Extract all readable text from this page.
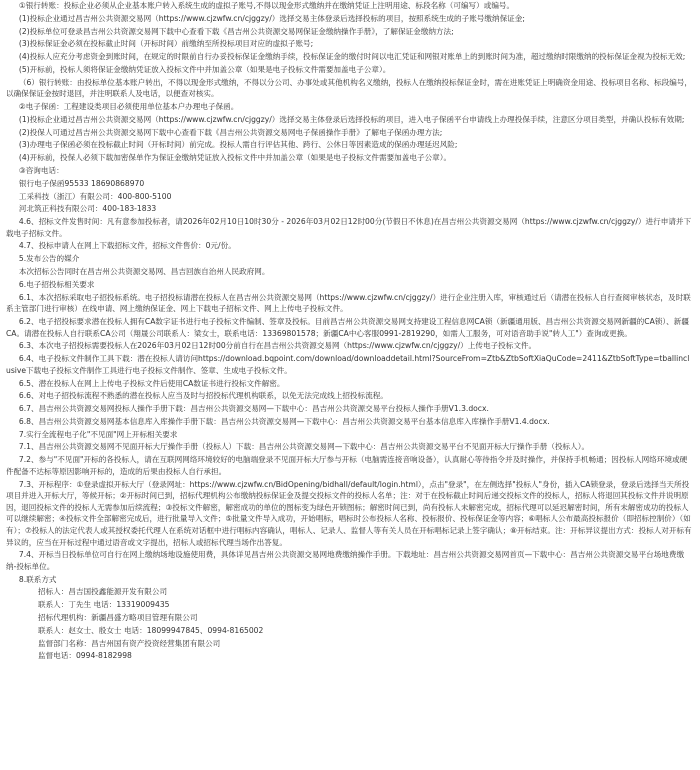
①银行转账：投标企业必须从企业基本账户转入系统生成的虚拟子账号,不得以现金形式缴纳并在缴纳凭证上注明用途、标段名称（可编写）或编号。

(1)投标企业通过昌吉州公共资源交易网（https://www.cjzwfw.cn/cjggzy/）选择交易主体登录后选择投标的项目，按照系统生成的子账号缴纳保证金;

(2)投标单位可登录昌吉州公共资源交易网下载中心查看下载《昌吉州公共资源交易网保证金缴纳操作手册》，了解保证金缴纳方法;

(3)投标保证金必须在投标截止时间（开标时间）前缴纳至所投标项目对应的虚拟子账号;

(4)投标人应充分考虑资金到账时间，在规定的时限前自行办妥投标保证金缴纳手续，投标保证金的缴付时间以电汇凭证和网银对账单上的到账时间为准，超过缴纳时限缴纳的投标保证金视为投标无效;

(5)开标前，投标人须将保证金缴纳凭证放入投标文件中并加盖公章（如果是电子投标文件需要加盖电子公章）。

（6）银行转账：由投标单位基本账户转出，不得以现金形式缴纳，不得以分公司、办事处或其他机构名义缴纳，投标人在缴纳投标保证金时，需在进账凭证上明确资金用途、投标项目名称、标段编号，以确保保证金按时退回，并注明联系人及电话，以便查对核实。

②电子保函：工程建设类项目必须使用单位基本户办理电子保函。

(1)投标企业通过昌吉州公共资源交易网（https://www.cjzwfw.cn/cjggzy/）选择交易主体登录后选择投标的项目，进入电子保函平台申请线上办理投保手续，注意区分项目类型，并确认投标有效期;

(2)投保人可通过昌吉州公共资源交易网下载中心查看下载《昌吉州公共资源交易网电子保函操作手册》了解电子保函办理方法;

(3)办理电子保函必须在投标截止时间（开标时间）前完成。投标人需自行评估其他、跨行、公休日等因素造成的保函办理延迟风险;

(4)开标前，投保人必须下载加密保单作为保证金缴纳凭证放入投标文件中并加盖公章（如果是电子投标文件需要加盖电子公章）。

③咨询电话：

银行电子保函95533 18690868970

工采科技（浙江）有限公司：400-800-5100

河北筑正科技有限公司：400-183-1833

4.6、招标文件发售时间：凡有意参加投标者，请2026年02月10日10时30分 - 2026年03月02日12时00分(节假日不休息)在昌吉州公共资源交易网（https://www.cjzwfw.cn/cjggzy/）进行申请并下载电子招标文件。

4.7、投标申请人在网上下载招标文件，招标文件售价：0元/份。

5.发布公告的媒介

本次招标公告同时在昌吉州公共资源交易网、昌吉回族自治州人民政府网。

6.电子招投标相关要求

6.1、本次招标采取电子招投标系统。电子招投标请潜在投标人在昌吉州公共资源交易网（https://www.cjzwfw.cn/cjggzy/）进行企业注册入库，审核通过后（请潜在投标人自行查阅审核状态，及时联系主管部门进行审核）在线申请、网上缴纳保证金、网上下载电子招标文件、网上上传电子投标文件。

6.2、电子招投标要求潜在投标人拥有CA数字证书进行电子投标文件编制、签章及投标。目前昌吉州公共资源交易网支持建设工程信息网CA锁（新疆通用版、昌吉州公共资源交易网新疆的CA锁）、新疆CA。请潜在投标人自行联系CA公司（翔晟公司联系人：梁女士，联系电话：13369801578；新疆CA中心客服0991-2819290，如需人工服务，可对语音助手说"转人工"）查询或更换。

6.3、本次电子招投标需要投标人在2026年03月02日12时00分前自行在昌吉州公共资源交易网（https://www.cjzwfw.cn/cjggzy/）上传电子投标文件。

6.4、电子投标文件制作工具下载：潜在投标人请访问https://download.bqpoint.com/download/downloaddetail.html?SourceFrom=Ztb&ZtbSoftXiaQuCode=2411&ZtbSoftType=tballinclusive下载电子投标文件制作工具进行电子投标文件制作、签章、生成电子投标文件。

6.5、潜在投标人在网上上传电子投标文件后使用CA数证书进行投标文件解密。

6.6、对电子招投标流程不熟悉的潜在投标人应当及时与招投标代理机构联系，以免无法完成线上招投标流程。

6.7、昌吉州公共资源交易网投标人操作手册下载：昌吉州公共资源交易网—下载中心：昌吉州公共资源交易平台投标人操作手册V1.3.docx.

6.8、昌吉州公共资源交易网基本信息库入库操作手册下载：昌吉州公共资源交易网—下载中心：昌吉州公共资源交易平台基本信息库入库操作手册V1.4.docx.

7.实行全流程电子化"不见面"网上开标相关要求

7.1、昌吉州公共资源交易网不见面开标大厅操作手册（投标人）下载：昌吉州公共资源交易网—下载中心：昌吉州公共资源交易平台不见面开标大厅操作手册（投标人）。

7.2、参与"不见面"开标的各投标人，请在互联网网络环境较好的电脑端登录不见面开标大厅参与开标（电脑需连接音响设备），认真耐心等待指令并及时操作，并保持手机畅通；因投标人网络环境或硬件配备不达标等原因影响开标的，造成的后果由投标人自行承担。

7.3、开标程序：①登录虚拟开标大厅（登录网址：https://www.cjzwfw.cn/BidOpening/bidhall/default/login.html），点击"登录"，在左侧选择"投标人"身份，插入CA锁登录，登录后选择当天所投项目并进入开标大厅，等候开标；②开标时间已到，招标代理机构公布缴纳投标保证金及提交投标文件的投标人名单；注：对于在投标截止时间后递交投标文件的投标人，招标人将退回其投标文件并说明原因，退回投标文件的投标人无需参加后续流程；③投标文件解密，解密成功的单位的图标变为绿色开锁图标；解密时间已到，尚有投标人未解密完成，招标代理可以延迟解密时间，所有未解密成功的投标人可以继续解密；④投标文件全部解密完成后，进行批量导入文件；⑤批量文件导入成功，开始唱标，唱标时公布投标人名称、投标报价、投标保证金等内容；⑥唱标人公布最高投标报价（即招标控制价）（如有）；⑦投标人的法定代表人或其授权委托代理人在系统对话框中进行唱标内容确认，唱标人、记录人、监督人等有关人员在开标唱标记录上签字确认；⑧开标结束。注：开标异议提出方式：投标人对开标有异议的，应当在开标过程中通过语音或文字提出，招标人或招标代理当场作出答复。

7.4、开标当日投标单位可自行在网上缴纳场地设施使用费，具体详见昌吉州公共资源交易网地费缴纳操作手册。下载地址：昌吉州公共资源交易网首页—下载中心：昌吉州公共资源交易平台场地费缴纳-投标单位。

8.联系方式

招标人：昌吉国投鑫能源开发有限公司

联系人：丁先生 电话：13319009435

招标代理机构：新疆昌盛方略项目管理有限公司

联系人：赵女士、殷女士 电话：18099947845、0994-8165002

监督部门名称：昌吉州国有资产投资经营集团有限公司

监督电话：0994-8182998
